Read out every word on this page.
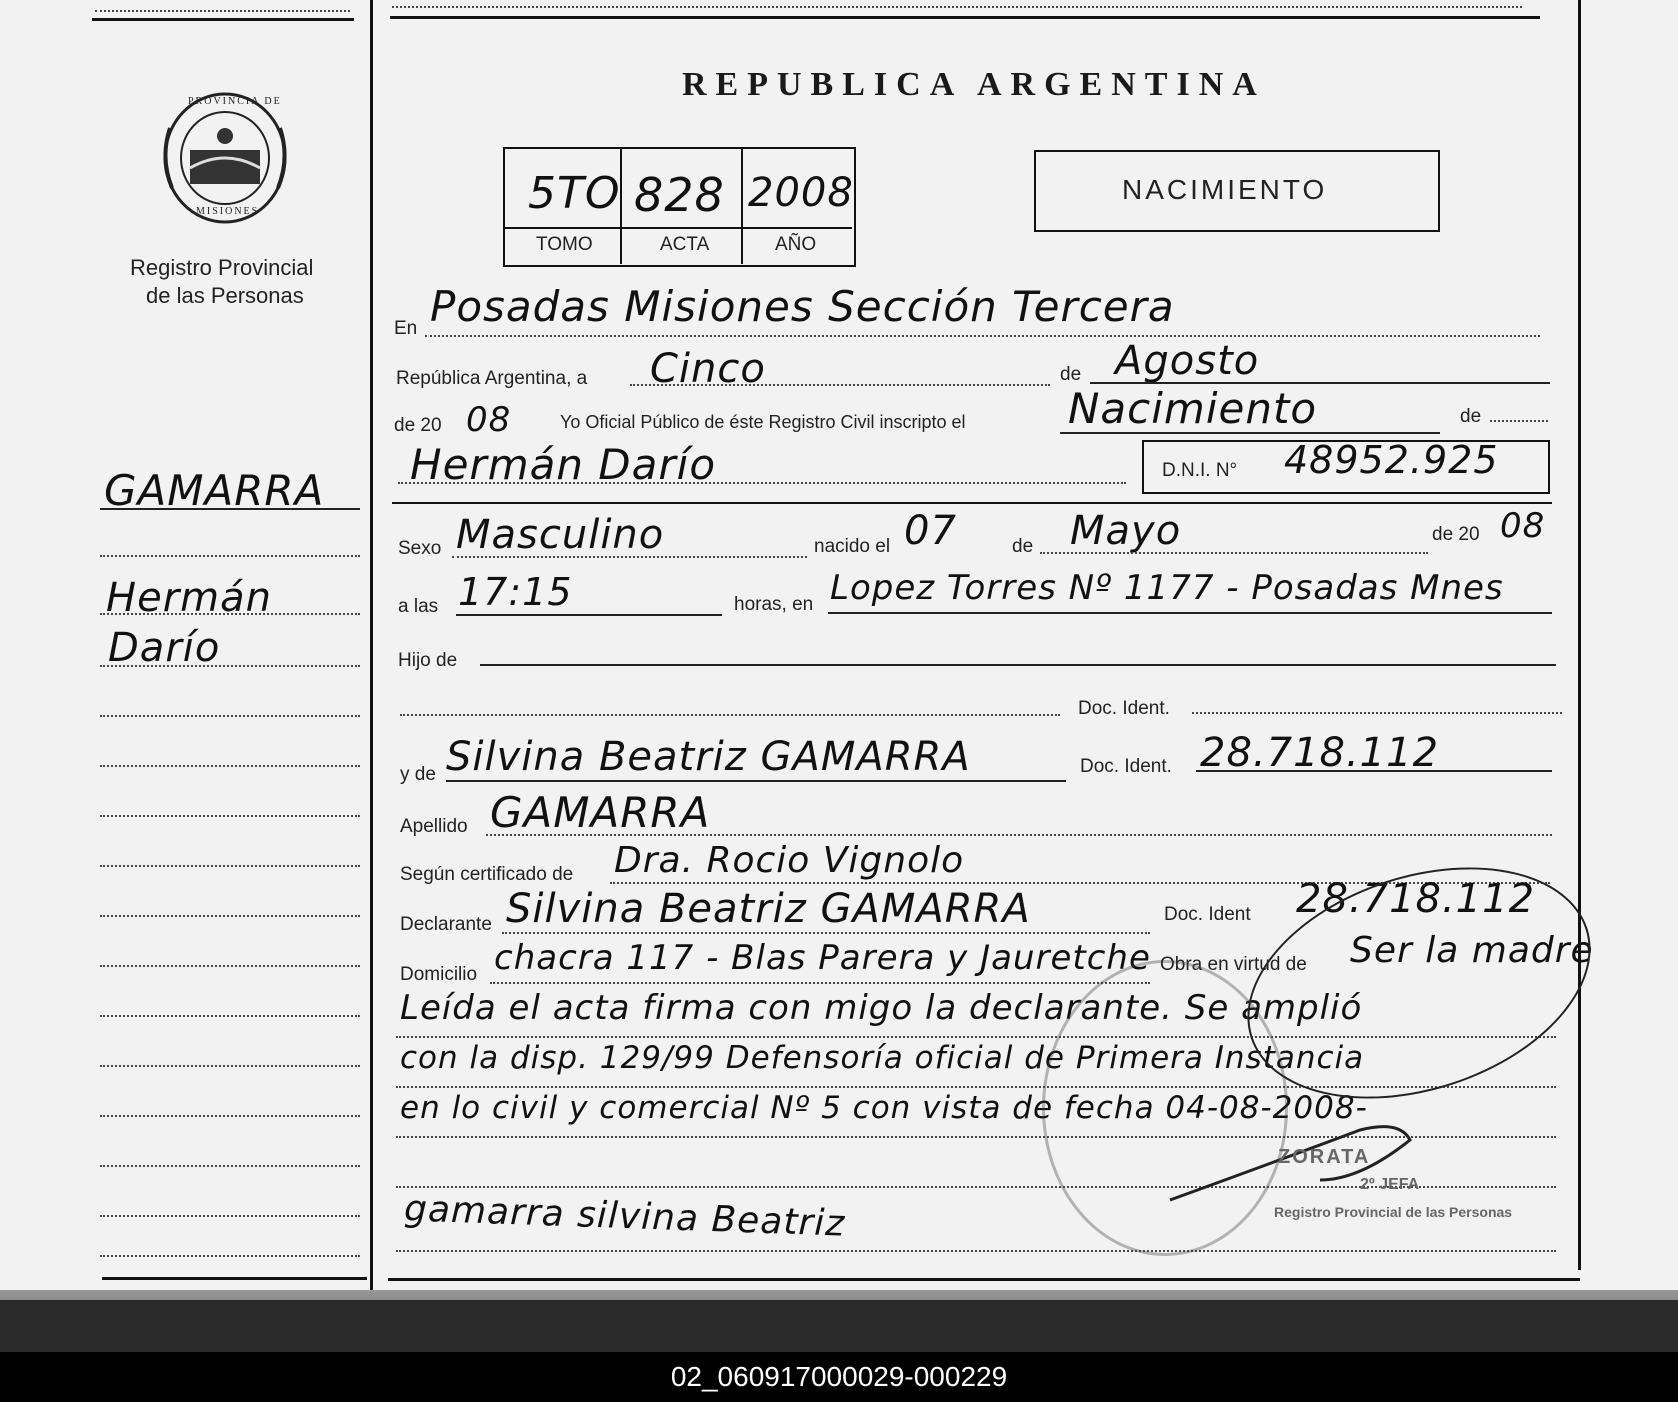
PROVINCIA DE
MISIONES
Registro Provincial
de las Personas
REPUBLICA ARGENTINA
5TO 828 2008
TOMO	ACTA	AÑO
NACIMIENTO
GAMARRA
Hermán
Darío
En Posadas Misiones Sección Tercera
República Argentina, a Cinco	de Agosto
de 20 08	Yo Oficial Público de éste Registro Civil inscripto el Nacimiento	de
Hermán Darío	D.N.I. N° 48952.925
Sexo Masculino	nacido el 07	de Mayo	de 20 08
a las 17:15	horas, en Lopez Torres Nº 1177 - Posadas Mnes
Hijo de
Doc. Ident.
y de Silvina Beatriz GAMARRA	Doc. Ident. 28.718.112
Apellido GAMARRA
Según certificado de Dra. Rocio Vignolo
Declarante Silvina Beatriz GAMARRA	Doc. Ident 28.718.112
Domicilio chacra 117 - Blas Parera y Jauretche Obra en virtud de Ser la madre
Leída el acta firma con migo la declarante. Se amplió
con la disp. 129/99 Defensoría oficial de Primera Instancia
en lo civil y comercial Nº 5 con vista de fecha 04-08-2008-
gamarra silvina Beatriz
ZORATA
2º JEFA
Registro Provincial de las Personas
02_060917000029-000229
